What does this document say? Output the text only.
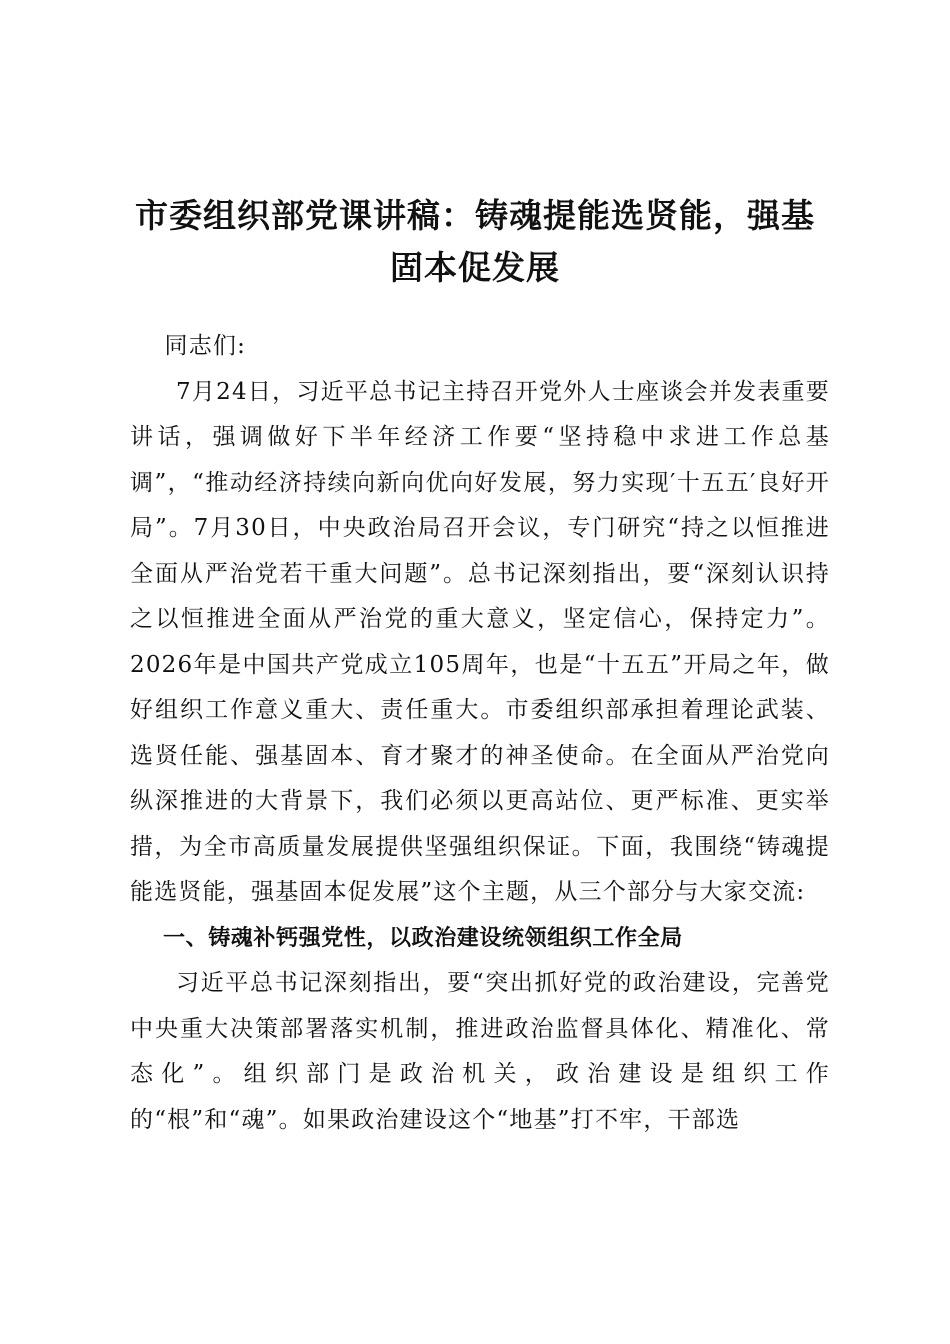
市委组织部党课讲稿：铸魂提能选贤能，强基
固本促发展

同志们:

7月24日，习近平总书记主持召开党外人士座谈会并发表重要讲话，强调做好下半年经济工作要“坚持稳中求进工作总基调”，“推动经济持续向新向优向好发展，努力实现′十五五′良好开局”。7月30日，中央政治局召开会议，专门研究“持之以恒推进全面从严治党若干重大问题”。总书记深刻指出，要“深刻认识持之以恒推进全面从严治党的重大意义，坚定信心，保持定力”。2026年是中国共产党成立105周年，也是“十五五”开局之年，做好组织工作意义重大、责任重大。市委组织部承担着理论武装、选贤任能、强基固本、育才聚才的神圣使命。在全面从严治党向纵深推进的大背景下，我们必须以更高站位、更严标准、更实举措，为全市高质量发展提供坚强组织保证。下面，我围绕“铸魂提能选贤能，强基固本促发展”这个主题，从三个部分与大家交流:

一、铸魂补钙强党性，以政治建设统领组织工作全局

习近平总书记深刻指出，要“突出抓好党的政治建设，完善党中央重大决策部署落实机制，推进政治监督具体化、精准化、常态化”。组织部门是政治机关，政治建设是组织工作的“根”和“魂”。如果政治建设这个“地基”打不牢，干部选
